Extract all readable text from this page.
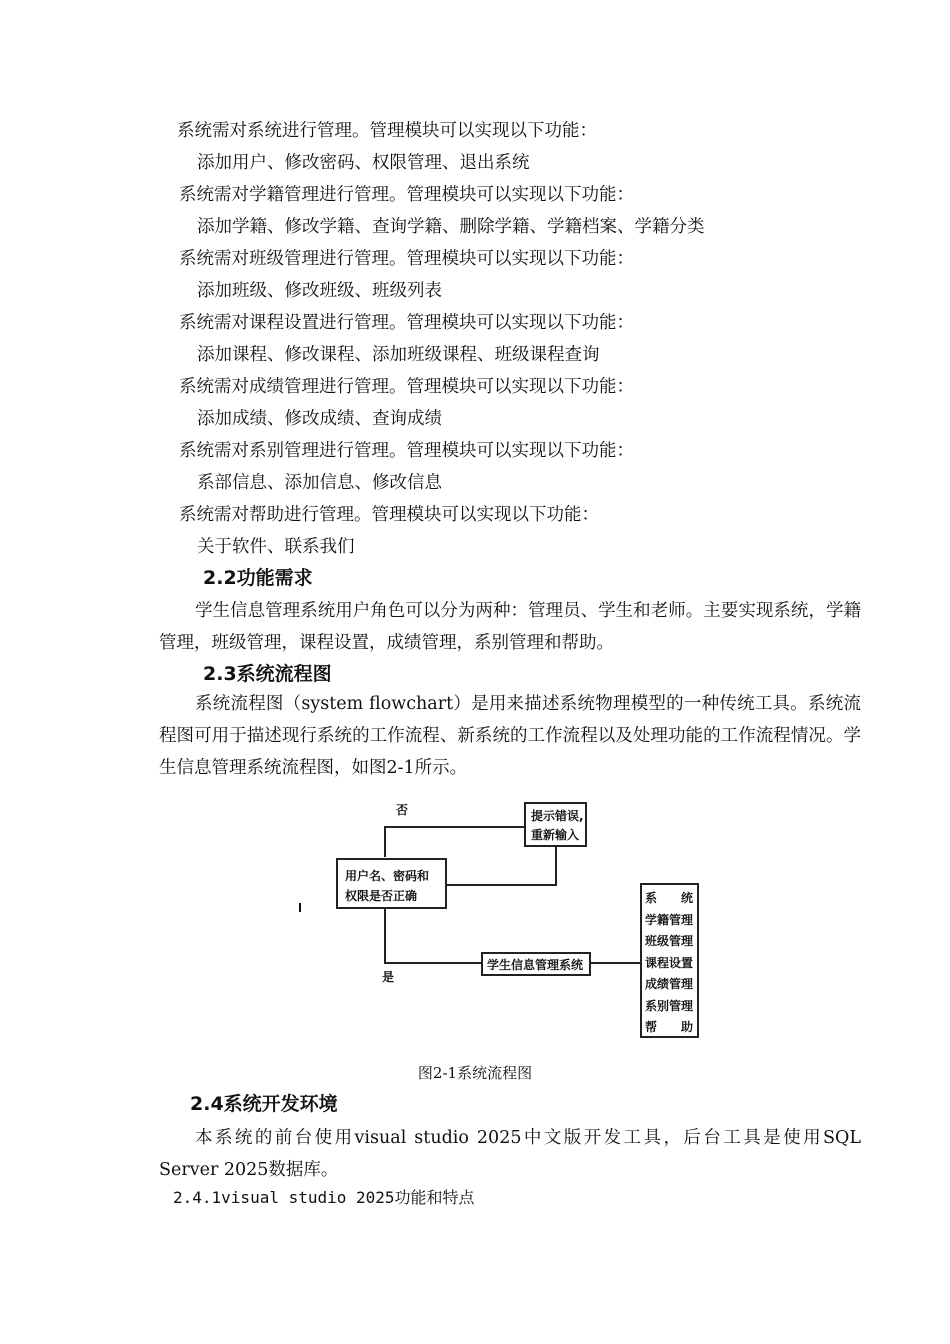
系统需对系统进行管理。管理模块可以实现以下功能：
添加用户、修改密码、权限管理、退出系统
系统需对学籍管理进行管理。管理模块可以实现以下功能：
添加学籍、修改学籍、查询学籍、删除学籍、学籍档案、学籍分类
系统需对班级管理进行管理。管理模块可以实现以下功能：
添加班级、修改班级、班级列表
系统需对课程设置进行管理。管理模块可以实现以下功能：
添加课程、修改课程、添加班级课程、班级课程查询
系统需对成绩管理进行管理。管理模块可以实现以下功能：
添加成绩、修改成绩、查询成绩
系统需对系别管理进行管理。管理模块可以实现以下功能：
系部信息、添加信息、修改信息
系统需对帮助进行管理。管理模块可以实现以下功能：
关于软件、联系我们
2.2功能需求
学生信息管理系统用户角色可以分为两种：管理员、学生和老师。主要实现系统，学籍管理，班级管理，课程设置，成绩管理，系别管理和帮助。
2.3系统流程图
系统流程图（system flowchart）是用来描述系统物理模型的一种传统工具。系统流程图可用于描述现行系统的工作流程、新系统的工作流程以及处理功能的工作流程情况。学生信息管理系统流程图，如图2-1所示。
否
是
提示错误,
重新输入
用户名、密码和
权限是否正确
学生信息管理系统
系　　统
学籍管理
班级管理
课程设置
成绩管理
系别管理
帮　　助
图2-1系统流程图
2.4系统开发环境
本系统的前台使用visual studio 2025中文版开发工具，后台工具是使用SQL Server 2025数据库。
2.4.1visual studio 2025功能和特点
